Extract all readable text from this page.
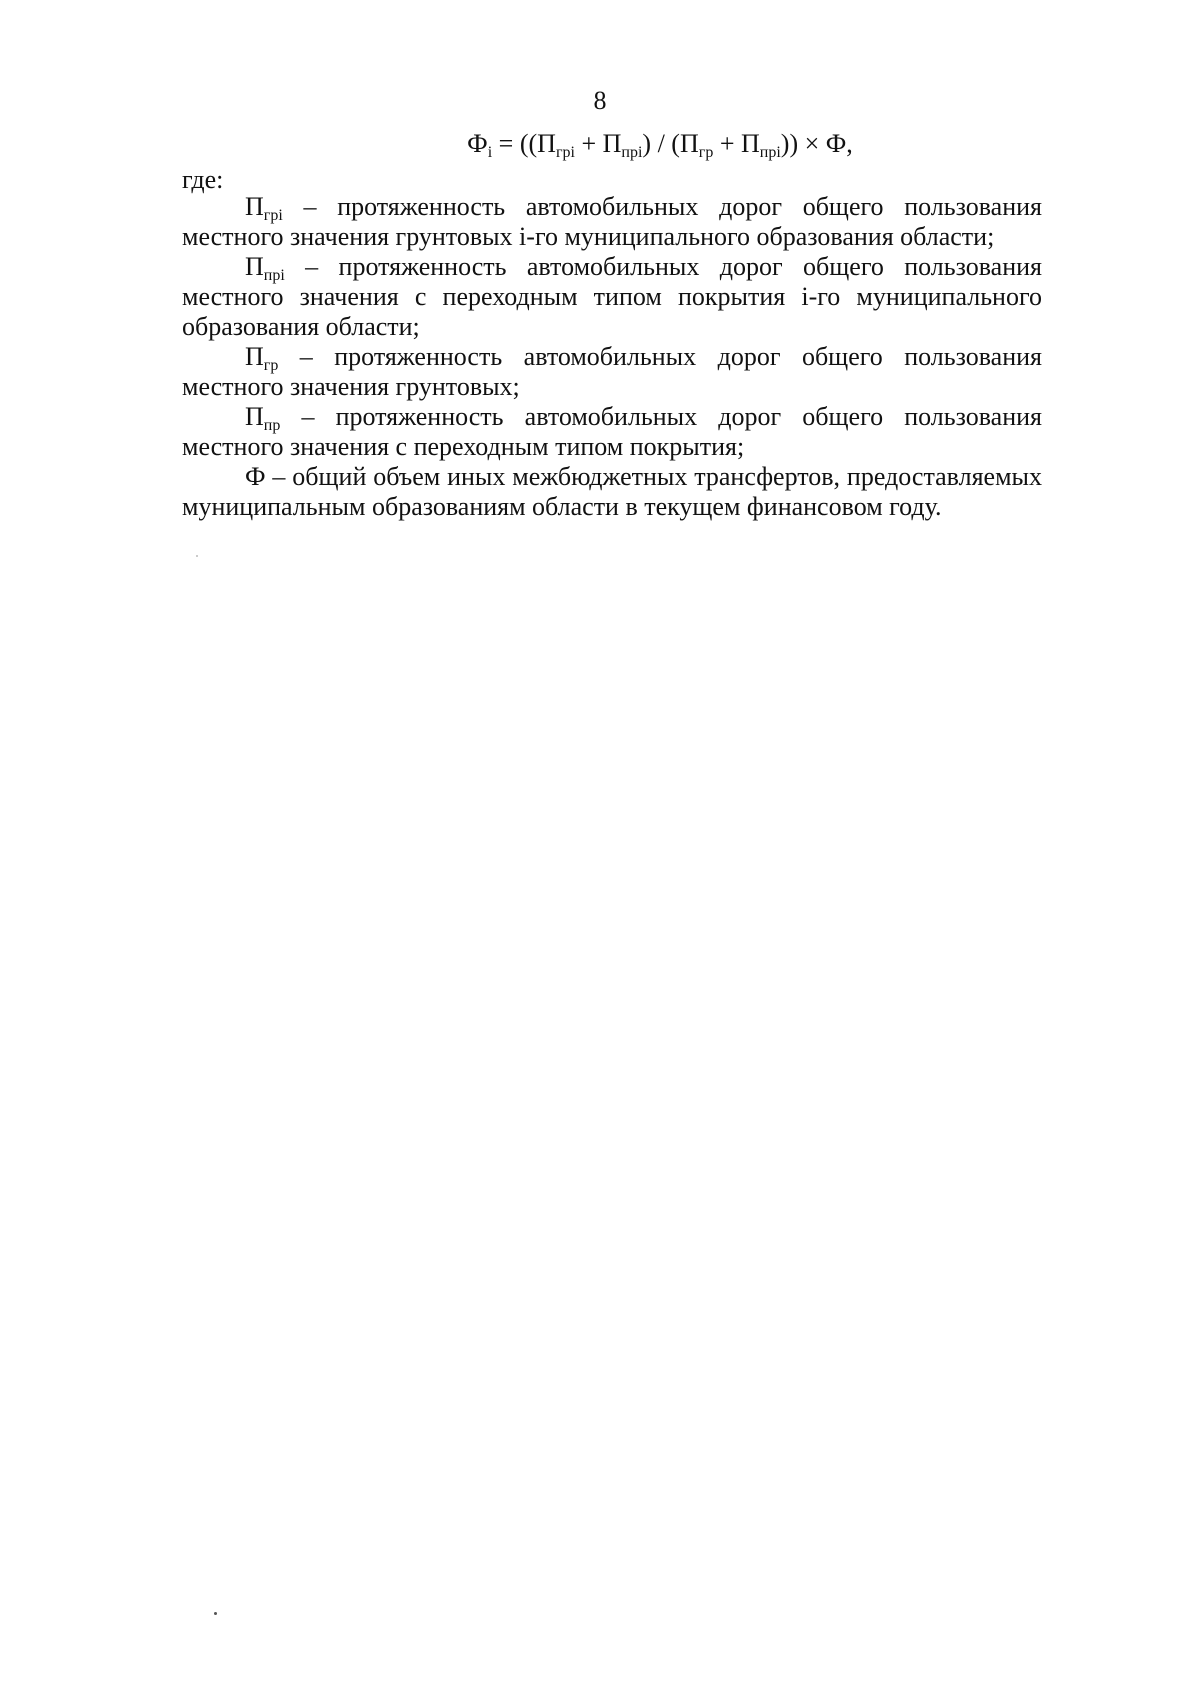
8
$Ф_i = ((П_{грi} + П_{прi}) / (П_{гр} + П_{прi})) \times Ф$,
где:

$П_{грi}$ – протяженность автомобильных дорог общего пользования местного значения грунтовых i-го муниципального образования области;

$П_{прi}$ – протяженность автомобильных дорог общего пользования местного значения с переходным типом покрытия i-го муниципального образования области;

$П_{гр}$ – протяженность автомобильных дорог общего пользования местного значения грунтовых;

$П_{пр}$ – протяженность автомобильных дорог общего пользования местного значения с переходным типом покрытия;

Ф – общий объем иных межбюджетных трансфертов, предоставляемых муниципальным образованиям области в текущем финансовом году.
